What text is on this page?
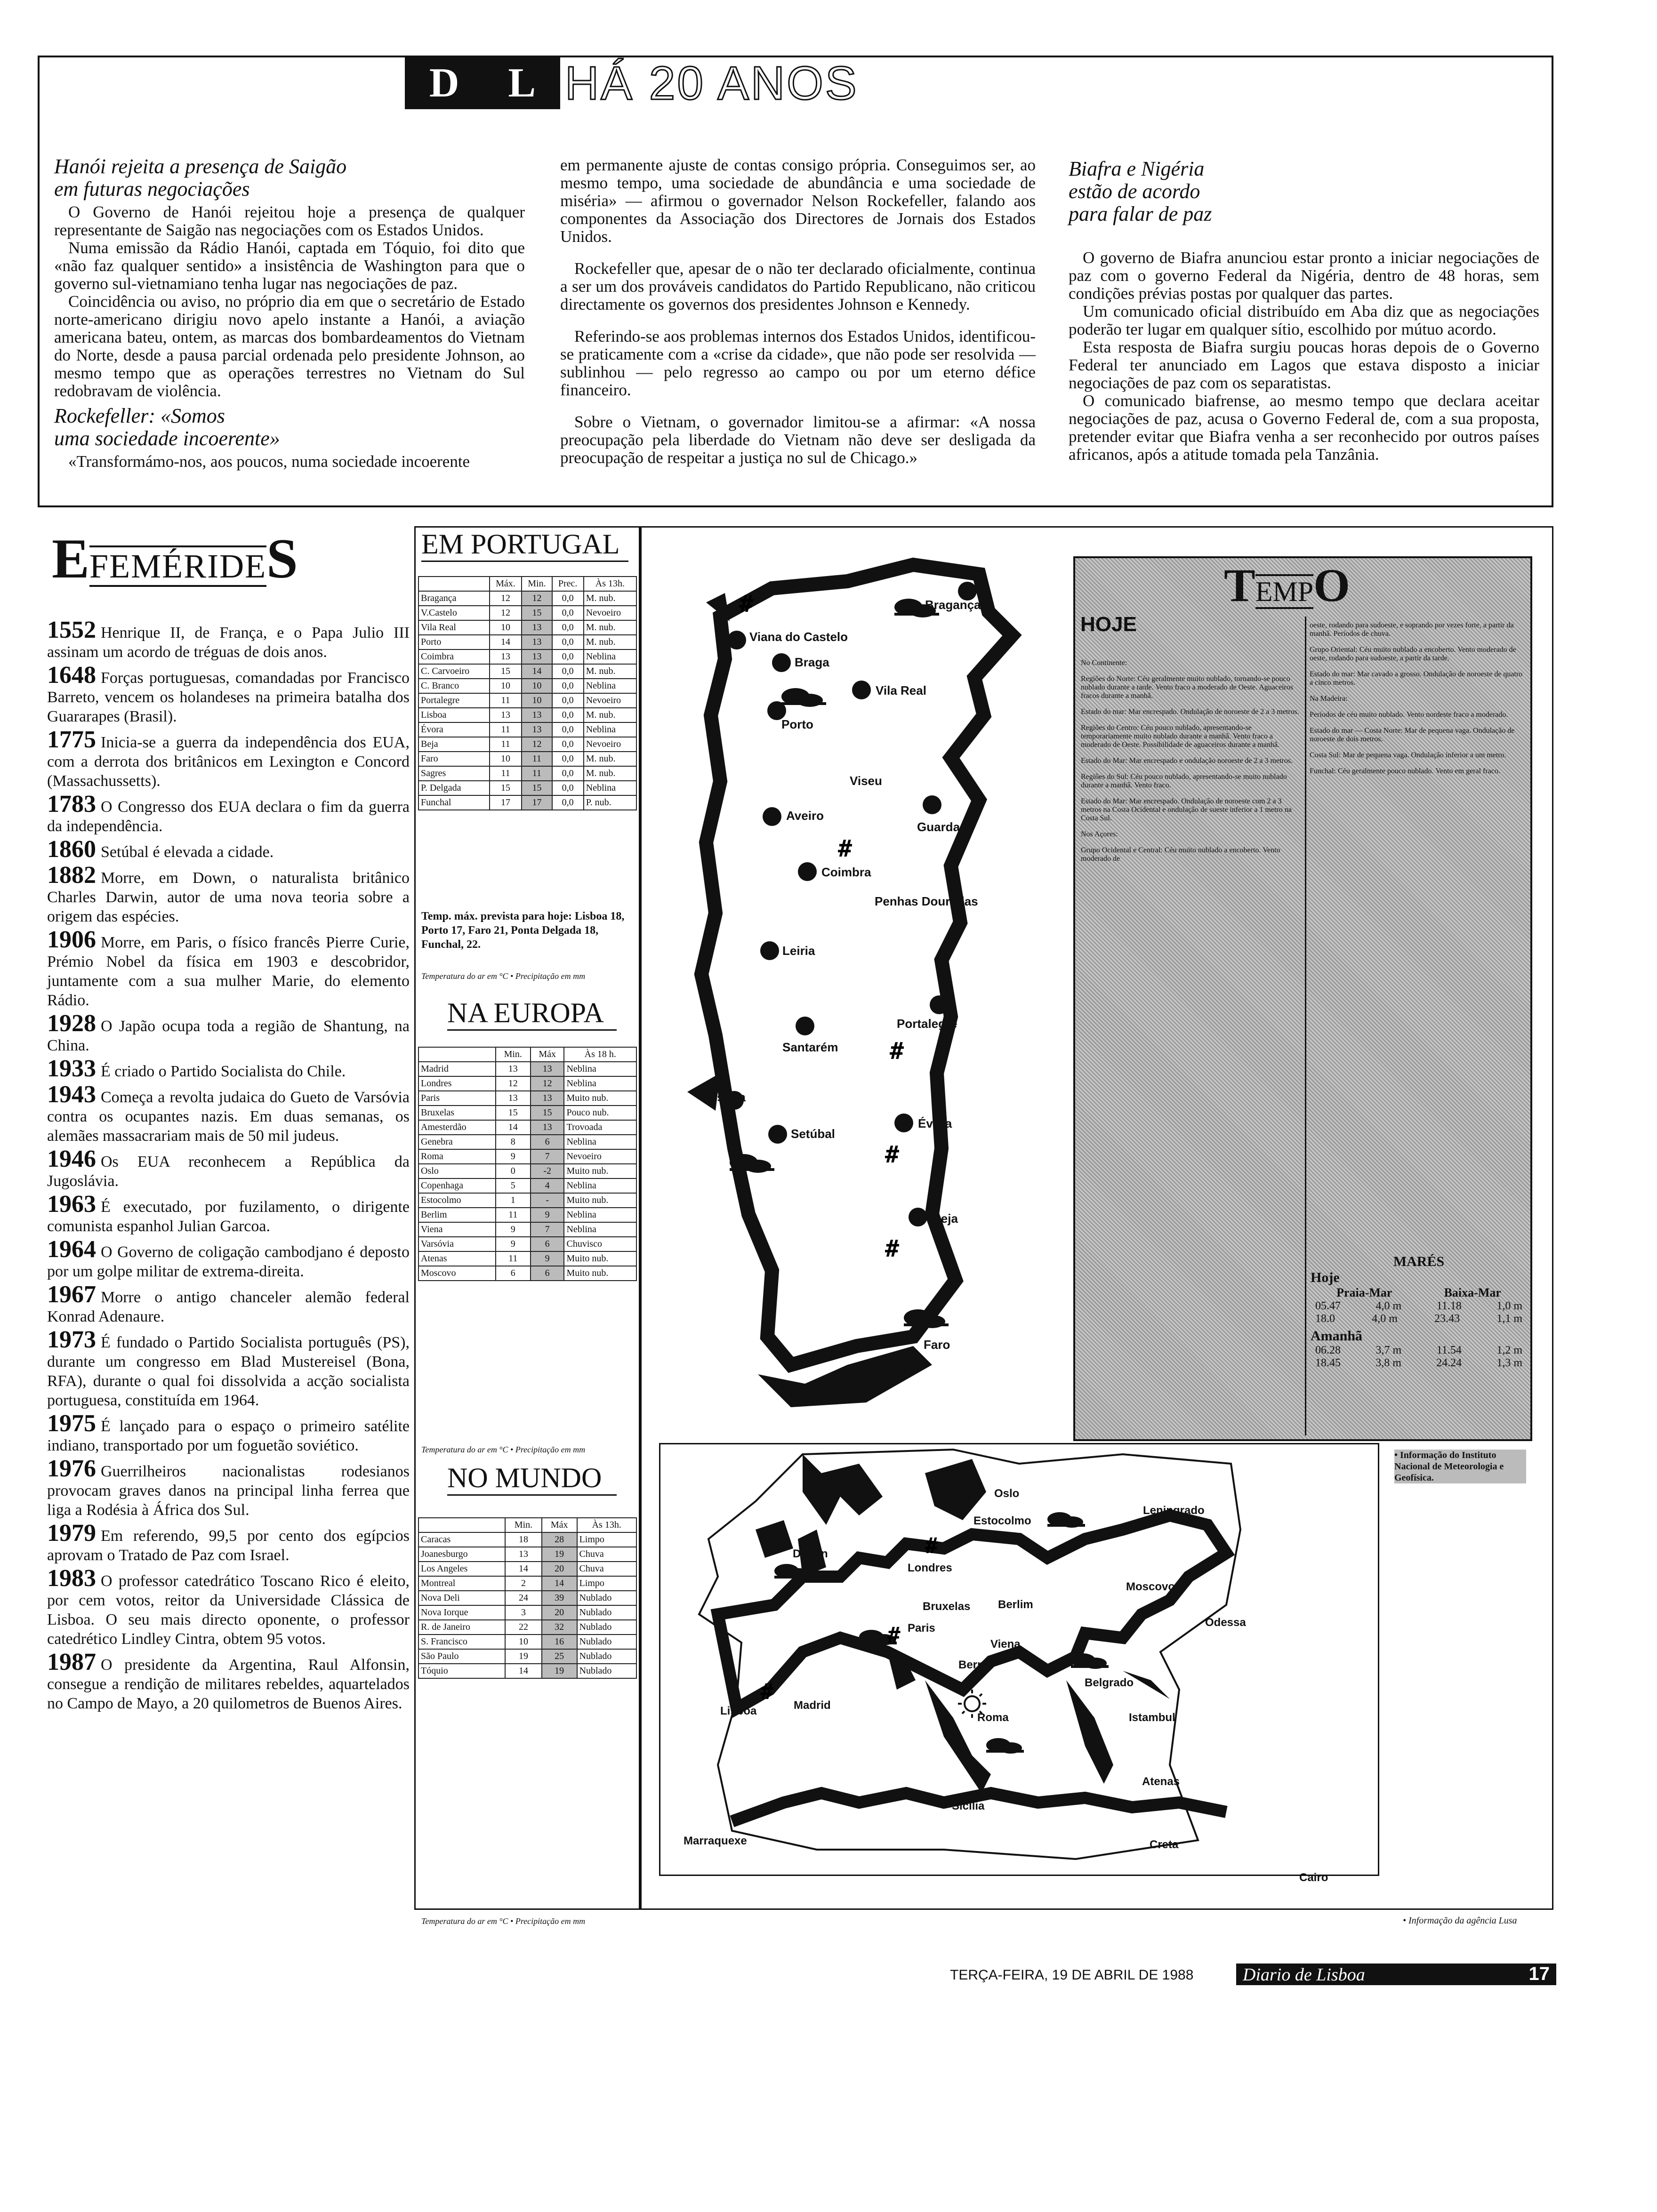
D L HÁ 20 ANOS
Hanói rejeita a presença de Saigão
em futuras negociações

O Governo de Hanói rejeitou hoje a presença de qualquer representante de Saigão nas negociações com os Estados Unidos.

Numa emissão da Rádio Hanói, captada em Tóquio, foi dito que «não faz qualquer sentido» a insistência de Washington para que o governo sul-vietnamiano tenha lugar nas negociações de paz.

Coincidência ou aviso, no próprio dia em que o secretário de Estado norte-americano dirigiu novo apelo instante a Hanói, a aviação americana bateu, ontem, as marcas dos bombardeamentos do Vietnam do Norte, desde a pausa parcial ordenada pelo presidente Johnson, ao mesmo tempo que as operações terrestres no Vietnam do Sul redobravam de violência.

Rockefeller: «Somos
uma sociedade incoerente»

«Transformámo-nos, aos poucos, numa sociedade incoerente

em permanente ajuste de contas consigo própria. Conseguimos ser, ao mesmo tempo, uma sociedade de abundância e uma sociedade de miséria» — afirmou o governador Nelson Rockefeller, falando aos componentes da Associação dos Directores de Jornais dos Estados Unidos.

Rockefeller que, apesar de o não ter declarado oficialmente, continua a ser um dos prováveis candidatos do Partido Republicano, não criticou directamente os governos dos presidentes Johnson e Kennedy.

Referindo-se aos problemas internos dos Estados Unidos, identificou-se praticamente com a «crise da cidade», que não pode ser resolvida — sublinhou — pelo regresso ao campo ou por um eterno défice financeiro.

Sobre o Vietnam, o governador limitou-se a afirmar: «A nossa preocupação pela liberdade do Vietnam não deve ser desligada da preocupação de respeitar a justiça no sul de Chicago.»

Biafra e Nigéria
estão de acordo
para falar de paz

O governo de Biafra anunciou estar pronto a iniciar negociações de paz com o governo Federal da Nigéria, dentro de 48 horas, sem condições prévias postas por qualquer das partes.

Um comunicado oficial distribuído em Aba diz que as negociações poderão ter lugar em qualquer sítio, escolhido por mútuo acordo.

Esta resposta de Biafra surgiu poucas horas depois de o Governo Federal ter anunciado em Lagos que estava disposto a iniciar negociações de paz com os separatistas.

O comunicado biafrense, ao mesmo tempo que declara aceitar negociações de paz, acusa o Governo Federal de, com a sua proposta, pretender evitar que Biafra venha a ser reconhecido por outros países africanos, após a atitude tomada pela Tanzânia.

EFEMÉRIDES

1552 Henrique II, de França, e o Papa Julio III assinam um acordo de tréguas de dois anos.

1648 Forças portuguesas, comandadas por Francisco Barreto, vencem os holandeses na primeira batalha dos Guararapes (Brasil).

1775 Inicia-se a guerra da independência dos EUA, com a derrota dos britânicos em Lexington e Concord (Massachussetts).

1783 O Congresso dos EUA declara o fim da guerra da independência.

1860 Setúbal é elevada a cidade.

1882 Morre, em Down, o naturalista britânico Charles Darwin, autor de uma nova teoria sobre a origem das espécies.

1906 Morre, em Paris, o físico francês Pierre Curie, Prémio Nobel da física em 1903 e descobridor, juntamente com a sua mulher Marie, do elemento Rádio.

1928 O Japão ocupa toda a região de Shantung, na China.

1933 É criado o Partido Socialista do Chile.

1943 Começa a revolta judaica do Gueto de Varsóvia contra os ocupantes nazis. Em duas semanas, os alemães massacrariam mais de 50 mil judeus.

1946 Os EUA reconhecem a República da Jugoslávia.

1963 É executado, por fuzilamento, o dirigente comunista espanhol Julian Garcoa.

1964 O Governo de coligação cambodjano é deposto por um golpe militar de extrema-direita.

1967 Morre o antigo chanceler alemão federal Konrad Adenaure.

1973 É fundado o Partido Socialista português (PS), durante um congresso em Blad Mustereisel (Bona, RFA), durante o qual foi dissolvida a acção socialista portuguesa, constituída em 1964.

1975 É lançado para o espaço o primeiro satélite indiano, transportado por um foguetão soviético.

1976 Guerrilheiros nacionalistas rodesianos provocam graves danos na principal linha ferrea que liga a Rodésia à África dos Sul.

1979 Em referendo, 99,5 por cento dos egípcios aprovam o Tratado de Paz com Israel.

1983 O professor catedrático Toscano Rico é eleito, por cem votos, reitor da Universidade Clássica de Lisboa. O seu mais directo oponente, o professor catedrético Lindley Cintra, obtem 95 votos.

1987 O presidente da Argentina, Raul Alfonsin, consegue a rendição de militares rebeldes, aquartelados no Campo de Mayo, a 20 quilometros de Buenos Aires.

EM PORTUGAL
	Máx.	Min.	Prec.	Às 13h.
Bragança	12	12	0,0	M. nub.
V.Castelo	12	15	0,0	Nevoeiro
Vila Real	10	13	0,0	M. nub.
Porto	14	13	0,0	M. nub.
Coimbra	13	13	0,0	Neblina
C. Carvoeiro	15	14	0,0	M. nub.
C. Branco	10	10	0,0	Neblina
Portalegre	11	10	0,0	Nevoeiro
Lisboa	13	13	0,0	M. nub.
Évora	11	13	0,0	Neblina
Beja	11	12	0,0	Nevoeiro
Faro	10	11	0,0	M. nub.
Sagres	11	11	0,0	M. nub.
P. Delgada	15	15	0,0	Neblina
Funchal	17	17	0,0	P. nub.
Temp. máx. prevista para hoje: Lisboa 18, Porto 17, Faro 21, Ponta Delgada 18, Funchal, 22.
Temperatura do ar em °C • Precipitação em mm
NA EUROPA
	Min.	Máx	Às 18 h.
Madrid	13	13	Neblina
Londres	12	12	Neblina
Paris	13	13	Muito nub.
Bruxelas	15	15	Pouco nub.
Amesterdão	14	13	Trovoada
Genebra	8	6	Neblina
Roma	9	7	Nevoeiro
Oslo	0	-2	Muito nub.
Copenhaga	5	4	Neblina
Estocolmo	1	-	Muito nub.
Berlim	11	9	Neblina
Viena	9	7	Neblina
Varsóvia	9	6	Chuvisco
Atenas	11	9	Muito nub.
Moscovo	6	6	Muito nub.
Temperatura do ar em °C • Precipitação em mm
NO MUNDO
	Min.	Máx	Às 13h.
Caracas	18	28	Limpo
Joanesburgo	13	19	Chuva
Los Angeles	14	20	Chuva
Montreal	2	14	Limpo
Nova Deli	24	39	Nublado
Nova Iorque	3	20	Nublado
R. de Janeiro	22	32	Nublado
S. Francisco	10	16	Nublado
São Paulo	19	25	Nublado
Tóquio	14	19	Nublado
Temperatura do ar em °C • Precipitação em mm
#
#
#
#
#
Viana do Castelo
Braga
Bragança
Vila Real
Porto
Viseu
Aveiro
Guarda
Coimbra
Penhas Douradas
Leiria
Portalegre
Santarém
Lisboa
Setúbal
Évora
Beja
Faro
#
#
#
Oslo
Estocolmo
Leningrado
Dublin
Londres
Moscovo
Bruxelas Berlim
Paris
Viena
Odessa
Berna
Belgrado
Lisboa	Madrid
Roma	Istambul
Atenas
Sicília
Creta
Marraquexe
Cairo
• Informação da agência Lusa
TEMPO
HOJE

No Continente:

Regiões do Norte: Céu geralmente muito nublado, tornando-se pouco nublado durante a tarde. Vento fraco a moderado de Oeste. Aguaceiros fracos durante a manhã.

Estado do mar: Mar encrespado. Ondulação de noroeste de 2 a 3 metros.

Regiões do Centro: Céu pouco nublado, apresentando-se temporariamente muito nublado durante a manhã. Vento fraco a moderado de Oeste. Possibilidade de aguaceiros durante a manhã.

Estado do Mar: Mar encrespado e ondulação noroeste de 2 a 3 metros.

Regiões do Sul: Céu pouco nublado, apresentando-se muito nublado durante a manhã. Vento fraco.

Estado do Mar: Mar encrespado. Ondulação de noroeste com 2 a 3 metros na Costa Ocidental e ondulação de sueste inferior a 1 metro na Costa Sul.

Nos Açores:

Grupo Ocidental e Central: Céu muito nublado a encoberto. Vento moderado de

oeste, rodando para sudoeste, e soprando por vezes forte, a partir da manhã. Períodos de chuva.

Grupo Oriental: Céu muito nublado a encoberto. Vento moderado de oeste, rodando para sudoeste, a partir da tarde.

Estado do mar: Mar cavado a grosso. Ondulação de noroeste de quatro a cinco metros.

Na Madeira:

Períodos de céu muito nublado. Vento nordeste fraco a moderado.

Estado do mar — Costa Norte: Mar de pequena vaga. Ondulação de noroeste de dois metros.

Costa Sul: Mar de pequena vaga. Ondulação inferior a um metro.

Funchal: Céu geralmente pouco nublado. Vento em geral fraco.

MARÉS
Hoje
Praia-Mar	Baixa-Mar
05.47	4,0 m	11.18	1,0 m
18.0	4,0 m	23.43	1,1 m
Amanhã
06.28	3,7 m	11.54	1,2 m
18.45	3,8 m	24.24	1,3 m
• Informação do Instituto Nacional de Meteorologia e Geofísica.
TERÇA-FEIRA, 19 DE ABRIL DE 1988	Diario de Lisboa	17
